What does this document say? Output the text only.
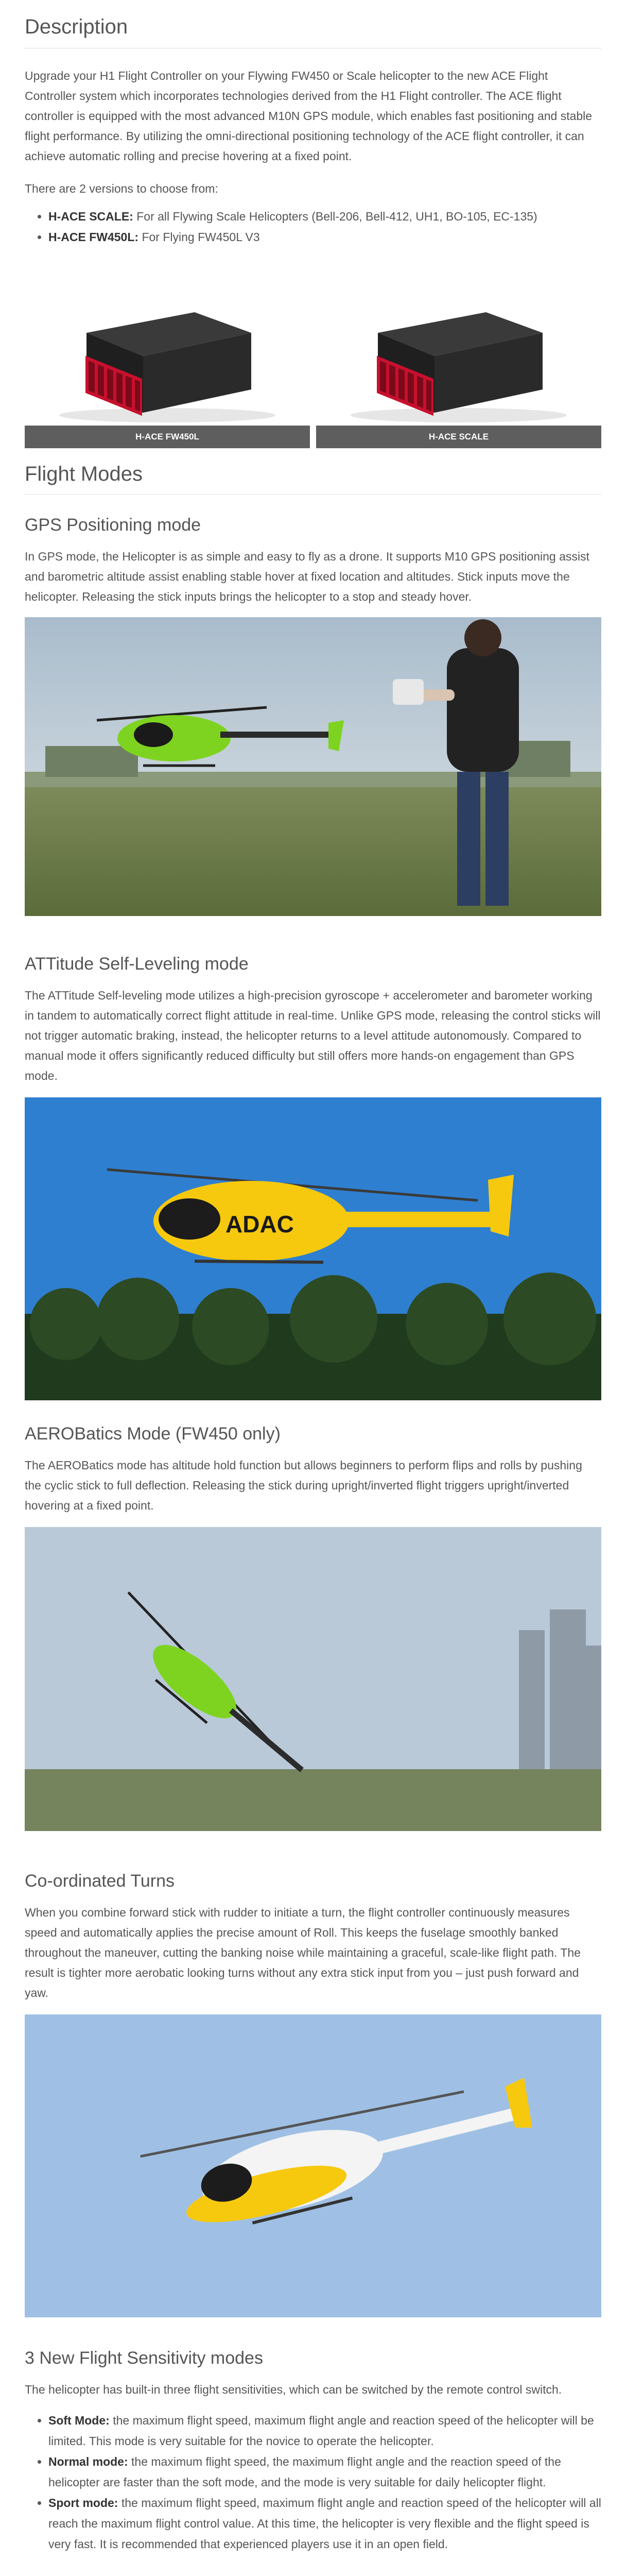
Description

Upgrade your H1 Flight Controller on your Flywing FW450 or Scale helicopter to the new ACE Flight Controller system which incorporates technologies derived from the H1 Flight controller. The ACE flight controller is equipped with the most advanced M10N GPS module, which enables fast positioning and stable flight performance. By utilizing the omni-directional positioning technology of the ACE flight controller, it can achieve automatic rolling and precise hovering at a fixed point.

There are 2 versions to choose from:

• H-ACE SCALE: For all Flywing Scale Helicopters (Bell-206, Bell-412, UH1, BO-105, EC-135)
• H-ACE FW450L: For Flying FW450L V3
H-ACE FW450L	H-ACE SCALE
Flight Modes
GPS Positioning mode

In GPS mode, the Helicopter is as simple and easy to fly as a drone. It supports M10 GPS positioning assist and barometric altitude assist enabling stable hover at fixed location and altitudes. Stick inputs move the helicopter. Releasing the stick inputs brings the helicopter to a stop and steady hover.

ATTitude Self-Leveling mode

The ATTitude Self-leveling mode utilizes a high-precision gyroscope + accelerometer and barometer working in tandem to automatically correct flight attitude in real-time. Unlike GPS mode, releasing the control sticks will not trigger automatic braking, instead, the helicopter returns to a level attitude autonomously. Compared to manual mode it offers significantly reduced difficulty but still offers more hands-on engagement than GPS mode.

ADAC
AEROBatics Mode (FW450 only)

The AEROBatics mode has altitude hold function but allows beginners to perform flips and rolls by pushing the cyclic stick to full deflection. Releasing the stick during upright/inverted flight triggers upright/inverted hovering at a fixed point.

Co-ordinated Turns

When you combine forward stick with rudder to initiate a turn, the flight controller continuously measures speed and automatically applies the precise amount of Roll. This keeps the fuselage smoothly banked throughout the maneuver, cutting the banking noise while maintaining a graceful, scale-like flight path. The result is tighter more aerobatic looking turns without any extra stick input from you – just push forward and yaw.

3 New Flight Sensitivity modes

The helicopter has built-in three flight sensitivities, which can be switched by the remote control switch.

• Soft Mode: the maximum flight speed, maximum flight angle and reaction speed of the helicopter will be limited. This mode is very suitable for the novice to operate the helicopter.
• Normal mode: the maximum flight speed, the maximum flight angle and the reaction speed of the helicopter are faster than the soft mode, and the mode is very suitable for daily helicopter flight.
• Sport mode: the maximum flight speed, maximum flight angle and reaction speed of the helicopter will all reach the maximum flight control value. At this time, the helicopter is very flexible and the flight speed is very fast. It is recommended that experienced players use it in an open field.
